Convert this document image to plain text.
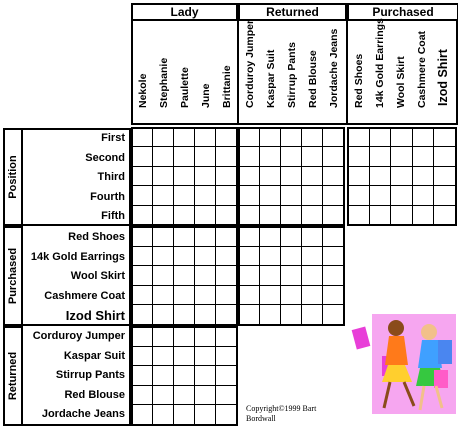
Lady	Returned	Purchased
Nekole Stephanie Paulette June Brittanie Corduroy Jumper Kaspar Suit Stirrup Pants Red Blouse Jordache Jeans Red Shoes 14k Gold Earrings Wool Skirt Cashmere Coat Izod Shirt
Position
Purchased
Returned
First
Second
Third
Fourth
Fifth
Red Shoes
14k Gold Earrings
Wool Skirt
Cashmere Coat
Izod Shirt
Corduroy Jumper
Kaspar Suit
Stirrup Pants
Red Blouse
Jordache Jeans	Copyright©1999 Bart
Bordwall
